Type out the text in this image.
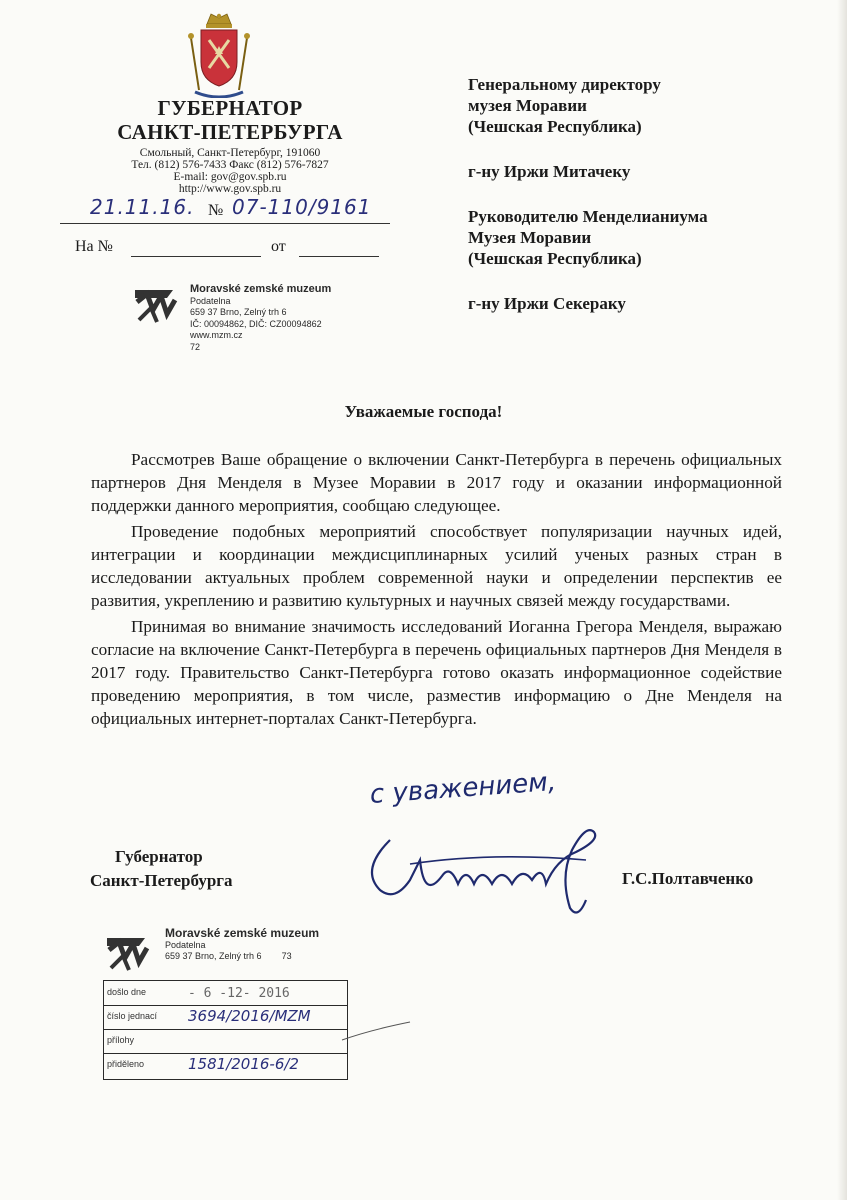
ГУБЕРНАТОР
САНКТ-ПЕТЕРБУРГА
Смольный, Санкт-Петербург, 191060
Тел. (812) 576-7433 Факс (812) 576-7827
E-mail: gov@gov.spb.ru
http://www.gov.spb.ru
21.11.16. № 07-110/9161
На №	от
Moravské zemské muzeum
Podatelna
659 37 Brno, Zelný trh 6
IČ: 00094862, DIČ: CZ00094862
www.mzm.cz
72
Генеральному директору
музея Моравии
(Чешская Республика)
г-ну Иржи Митачеку
Руководителю Менделианиума
Музея Моравии
(Чешская Республика)
г-ну Иржи Секераку
Уважаемые господа!

Рассмотрев Ваше обращение о включении Санкт-Петербурга в перечень официальных партнеров Дня Менделя в Музее Моравии в 2017 году и оказании информационной поддержки данного мероприятия, сообщаю следующее.

Проведение подобных мероприятий способствует популяризации научных идей, интеграции и координации междисциплинарных усилий ученых разных стран в исследовании актуальных проблем современной науки и определении перспектив ее развития, укреплению и развитию культурных и научных связей между государствами.

Принимая во внимание значимость исследований Иоганна Грегора Менделя, выражаю согласие на включение Санкт-Петербурга в перечень официальных партнеров Дня Менделя в 2017 году. Правительство Санкт-Петербурга готово оказать информационное содействие проведению мероприятия, в том числе, разместив информацию о Дне Менделя на официальных интернет-порталах Санкт-Петербурга.

с уважением,
Губернатор
Санкт-Петербурга	Г.С.Полтавченко
Moravské zemské muzeum
Podatelna
659 37 Brno, Zelný trh 6 73
došlo dne	- 6 -12- 2016
číslo jednací 3694/2016/MZM
přílohy
přiděleno	1581/2016-6/2
